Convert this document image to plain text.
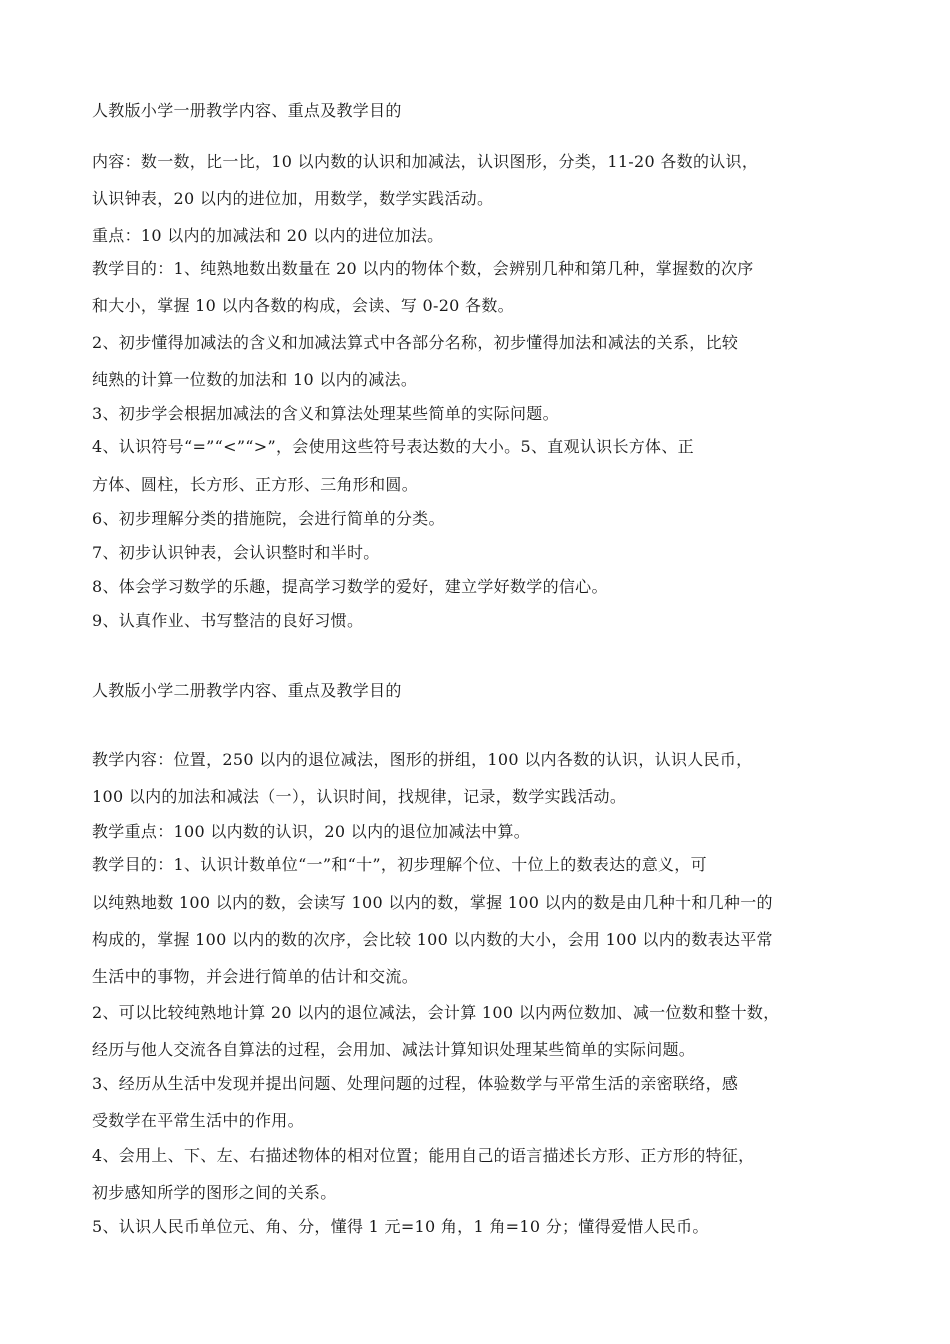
人教版小学一册教学内容、重点及教学目的
内容：数一数，比一比，10 以内数的认识和加减法，认识图形，分类，11-20 各数的认识，
认识钟表，20 以内的进位加，用数学，数学实践活动。
重点：10 以内的加减法和 20 以内的进位加法。
教学目的：1、纯熟地数出数量在 20 以内的物体个数，会辨别几种和第几种，掌握数的次序
和大小，掌握 10 以内各数的构成，会读、写 0-20 各数。
2、初步懂得加减法的含义和加减法算式中各部分名称，初步懂得加法和减法的关系，比较
纯熟的计算一位数的加法和 10 以内的减法。
3、初步学会根据加减法的含义和算法处理某些简单的实际问题。
4、认识符号“=”“<”“>”，会使用这些符号表达数的大小。5、直观认识长方体、正
方体、圆柱，长方形、正方形、三角形和圆。
6、初步理解分类的措施院，会进行简单的分类。
7、初步认识钟表，会认识整时和半时。
8、体会学习数学的乐趣，提高学习数学的爱好，建立学好数学的信心。
9、认真作业、书写整洁的良好习惯。
人教版小学二册教学内容、重点及教学目的
教学内容：位置，250 以内的退位减法，图形的拼组，100 以内各数的认识，认识人民币，
100 以内的加法和减法（一），认识时间，找规律，记录，数学实践活动。
教学重点：100 以内数的认识，20 以内的退位加减法中算。
教学目的：1、认识计数单位“一”和“十”，初步理解个位、十位上的数表达的意义，可
以纯熟地数 100 以内的数，会读写 100 以内的数，掌握 100 以内的数是由几种十和几种一的
构成的，掌握 100 以内的数的次序，会比较 100 以内数的大小，会用 100 以内的数表达平常
生活中的事物，并会进行简单的估计和交流。
2、可以比较纯熟地计算 20 以内的退位减法，会计算 100 以内两位数加、减一位数和整十数，
经历与他人交流各自算法的过程，会用加、减法计算知识处理某些简单的实际问题。
3、经历从生活中发现并提出问题、处理问题的过程，体验数学与平常生活的亲密联络，感
受数学在平常生活中的作用。
4、会用上、下、左、右描述物体的相对位置；能用自己的语言描述长方形、正方形的特征，
初步感知所学的图形之间的关系。
5、认识人民币单位元、角、分，懂得 1 元=10 角，1 角=10 分；懂得爱惜人民币。
